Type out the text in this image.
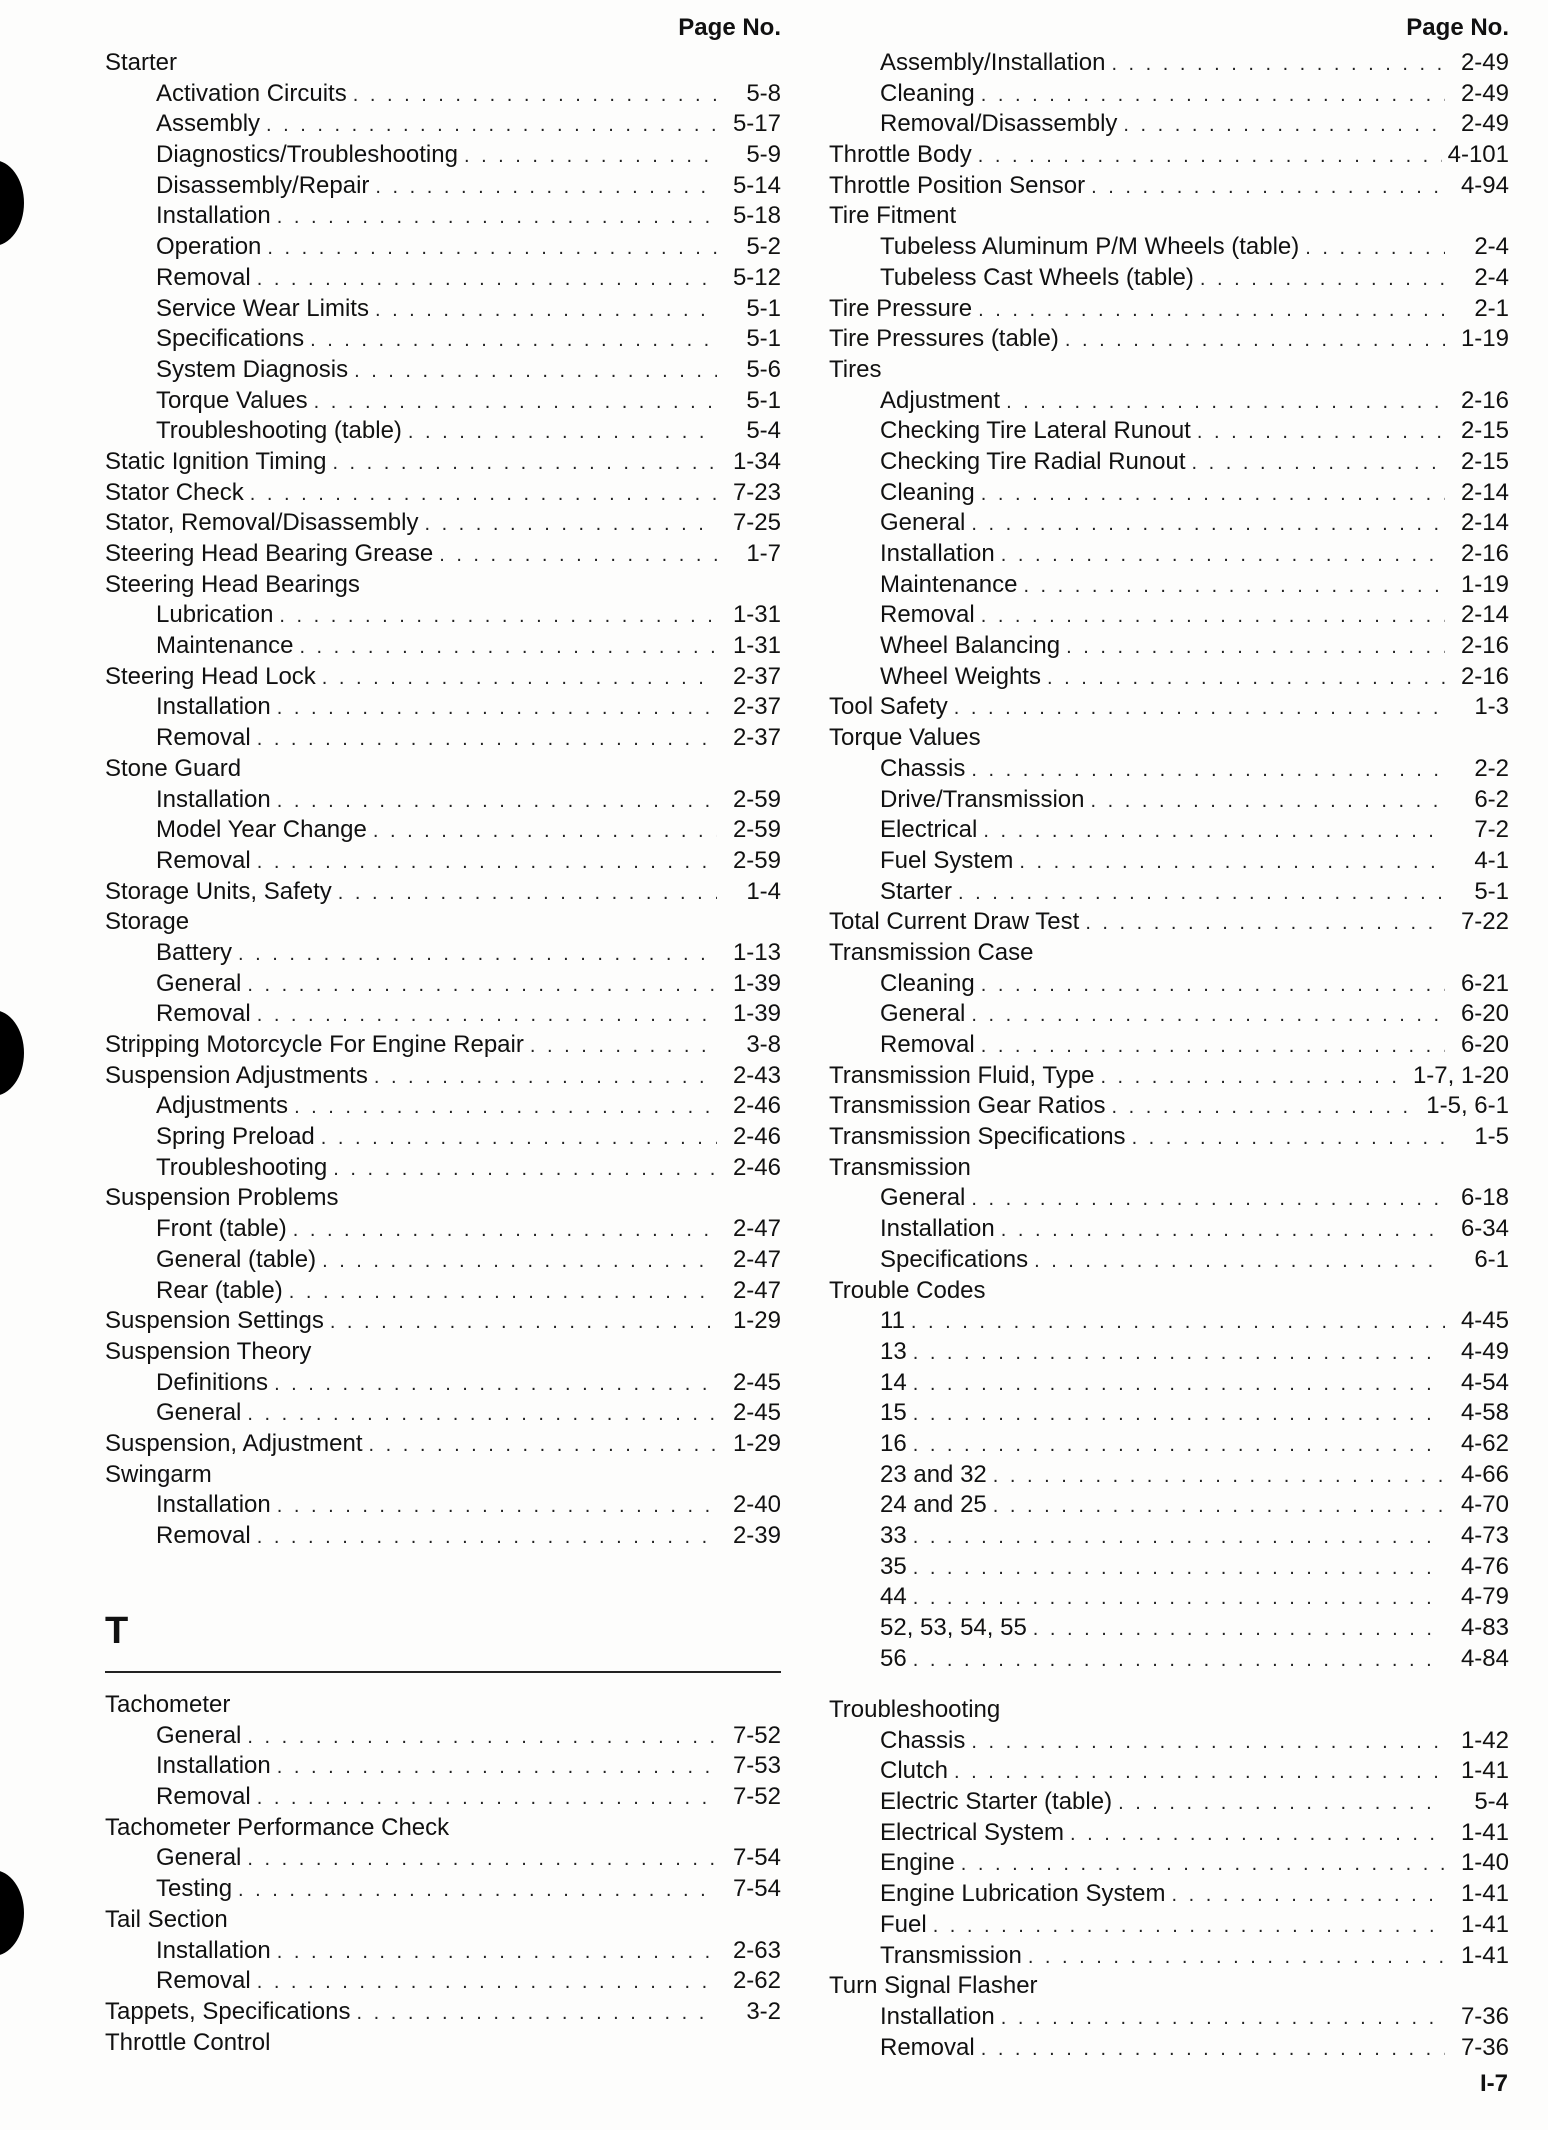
Page No.
Starter
Activation Circuits . . .	5-8
Assembly . . .	5-17
Diagnostics/Troubleshooting . . .	5-9
Disassembly/Repair . . .	5-14
Installation . . .	5-18
Operation . . .	5-2
Removal . . .	5-12
Service Wear Limits . . .	5-1
Specifications . . .	5-1
System Diagnosis . . .	5-6
Torque Values . . .	5-1
Troubleshooting (table) . . .	5-4
Static Ignition Timing . . .	1-34
Stator Check . . .	7-23
Stator, Removal/Disassembly . . .	7-25
Steering Head Bearing Grease . . .	1-7
Steering Head Bearings
Lubrication . . .	1-31
Maintenance . . .	1-31
Steering Head Lock . . .	2-37
Installation . . .	2-37
Removal . . .	2-37
Stone Guard
Installation . . .	2-59
Model Year Change . . .	2-59
Removal . . .	2-59
Storage Units, Safety . . .	1-4
Storage
Battery . . .	1-13
General . . .	1-39
Removal . . .	1-39
Stripping Motorcycle For Engine Repair . . .	3-8
Suspension Adjustments . . .	2-43
Adjustments . . .	2-46
Spring Preload . . .	2-46
Troubleshooting . . .	2-46
Suspension Problems
Front (table) . . .	2-47
General (table) . . .	2-47
Rear (table) . . .	2-47
Suspension Settings . . .	1-29
Suspension Theory
Definitions . . .	2-45
General . . .	2-45
Suspension, Adjustment . . .	1-29
Swingarm
Installation . . .	2-40
Removal . . .	2-39
Tachometer
General . . .	7-52
Installation . . .	7-53
Removal . . .	7-52
Tachometer Performance Check
General . . .	7-54
Testing . . .	7-54
Tail Section
Installation . . .	2-63
Removal . . .	2-62
Tappets, Specifications . . .	3-2
Throttle Control
T
Page No.
Assembly/Installation . . .	2-49
Cleaning . . .	2-49
Removal/Disassembly . . .	2-49
Throttle Body . . .	4-101
Throttle Position Sensor . . .	4-94
Tire Fitment
Tubeless Aluminum P/M Wheels (table) . . .	2-4
Tubeless Cast Wheels (table) . . .	2-4
Tire Pressure . . .	2-1
Tire Pressures (table) . . .	1-19
Tires
Adjustment . . .	2-16
Checking Tire Lateral Runout . . .	2-15
Checking Tire Radial Runout . . .	2-15
Cleaning . . .	2-14
General . . .	2-14
Installation . . .	2-16
Maintenance . . .	1-19
Removal . . .	2-14
Wheel Balancing . . .	2-16
Wheel Weights . . .	2-16
Tool Safety . . .	1-3
Torque Values
Chassis . . .	2-2
Drive/Transmission . . .	6-2
Electrical . . .	7-2
Fuel System . . .	4-1
Starter . . .	5-1
Total Current Draw Test . . .	7-22
Transmission Case
Cleaning . . .	6-21
General . . .	6-20
Removal . . .	6-20
Transmission Fluid, Type . . .	1-7, 1-20
Transmission Gear Ratios . . .	1-5, 6-1
Transmission Specifications . . .	1-5
Transmission
General . . .	6-18
Installation . . .	6-34
Specifications . . .	6-1
Trouble Codes
11 . . .	4-45
13 . . .	4-49
14 . . .	4-54
15 . . .	4-58
16 . . .	4-62
23 and 32 . . .	4-66
24 and 25 . . .	4-70
33 . . .	4-73
35 . . .	4-76
44 . . .	4-79
52, 53, 54, 55 . . .	4-83
56 . . .	4-84
Troubleshooting
Chassis . . .	1-42
Clutch . . .	1-41
Electric Starter (table) . . .	5-4
Electrical System . . .	1-41
Engine . . .	1-40
Engine Lubrication System . . .	1-41
Fuel . . .	1-41
Transmission . . .	1-41
Turn Signal Flasher
Installation . . .	7-36
Removal . . .	7-36
I-7
